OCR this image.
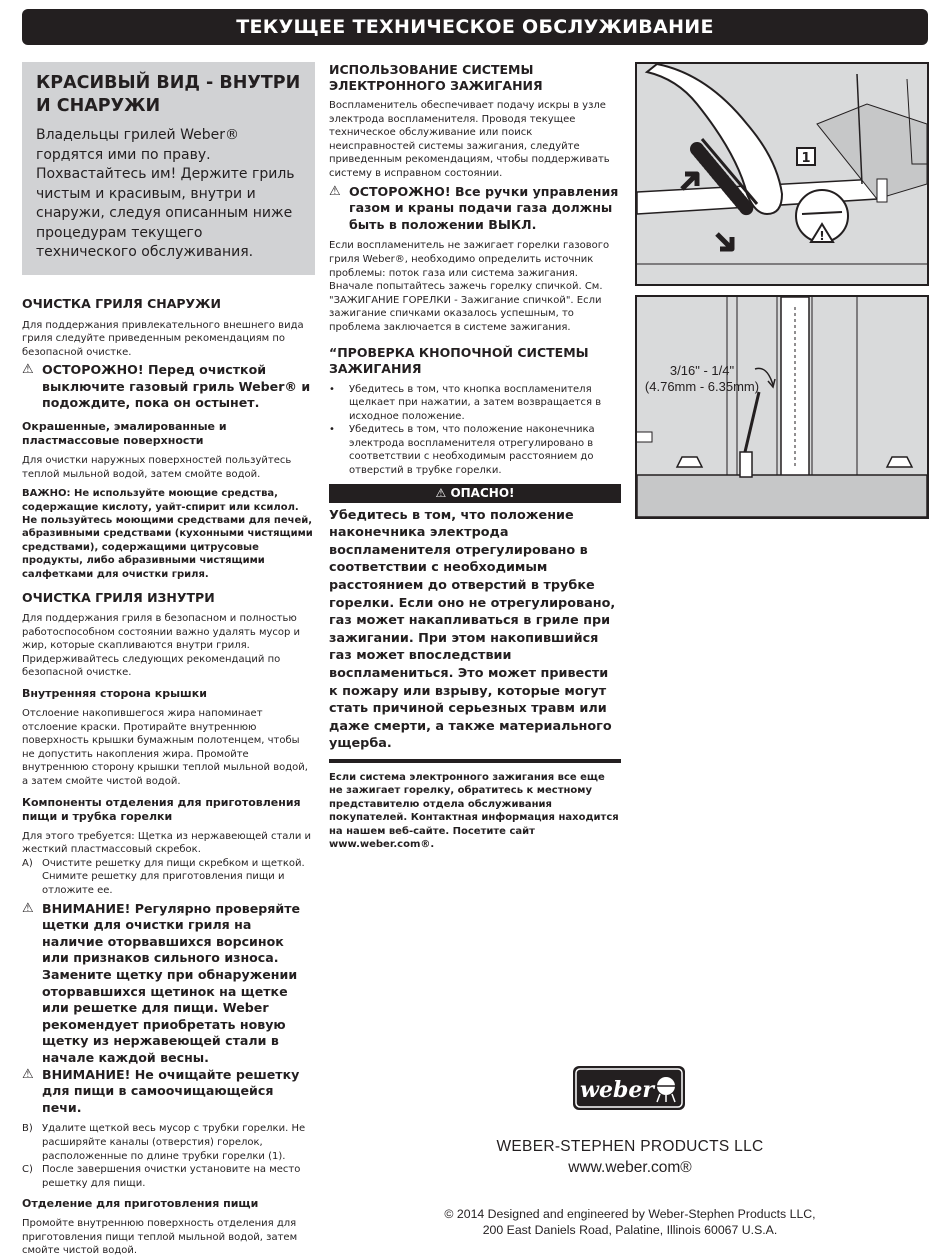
ТЕКУЩЕЕ ТЕХНИЧЕСКОЕ ОБСЛУЖИВАНИЕ
КРАСИВЫЙ ВИД - ВНУТРИ И СНАРУЖИ

Владельцы грилей Weber® гордятся ими по праву. Похвастайтесь им! Держите гриль чистым и красивым, внутри и снаружи, следуя описанным ниже процедурам текущего технического обслуживания.

ОЧИСТКА ГРИЛЯ СНАРУЖИ

Для поддержания привлекательного внешнего вида гриля следуйте приведенным рекомендациям по безопасной очистке.

⚠ ОСТОРОЖНО! Перед очисткой выключите газовый гриль Weber® и подождите, пока он остынет.
Окрашенные, эмалированные и пластмассовые поверхности

Для очистки наружных поверхностей пользуйтесь теплой мыльной водой, затем смойте водой.

ВАЖНО: Не используйте моющие средства, содержащие кислоту, уайт-спирит или ксилол. Не пользуйтесь моющими средствами для печей, абразивными средствами (кухонными чистящими средствами), содержащими цитрусовые продукты, либо абразивными чистящими салфетками для очистки гриля.

ОЧИСТКА ГРИЛЯ ИЗНУТРИ

Для поддержания гриля в безопасном и полностью работоспособном состоянии важно удалять мусор и жир, которые скапливаются внутри гриля. Придерживайтесь следующих рекомендаций по безопасной очистке.

Внутренняя сторона крышки

Отслоение накопившегося жира напоминает отслоение краски. Протирайте внутреннюю поверхность крышки бумажным полотенцем, чтобы не допустить накопления жира. Промойте внутреннюю сторону крышки теплой мыльной водой, а затем смойте чистой водой.

Компоненты отделения для приготовления пищи и трубка горелки

Для этого требуется: Щетка из нержавеющей стали и жесткий пластмассовый скребок.

A) Очистите решетку для пищи скребком и щеткой. Снимите решетку для приготовления пищи и отложите ее.
⚠ ВНИМАНИЕ! Регулярно проверяйте щетки для очистки гриля на наличие оторвавшихся ворсинок или признаков сильного износа. Замените щетку при обнаружении оторвавшихся щетинок на щетке или решетке для пищи. Weber рекомендует приобретать новую щетку из нержавеющей стали в начале каждой весны.
⚠ ВНИМАНИЕ! Не очищайте решетку для пищи в самоочищающейся печи.
B) Удалите щеткой весь мусор с трубки горелки. Не расширяйте каналы (отверстия) горелок, расположенные по длине трубки горелки (1).
C) После завершения очистки установите на место решетку для пищи.
Отделение для приготовления пищи

Промойте внутреннюю поверхность отделения для приготовления пищи теплой мыльной водой, затем смойте чистой водой.

ИСПОЛЬЗОВАНИЕ СИСТЕМЫ ЭЛЕКТРОННОГО ЗАЖИГАНИЯ

Воспламенитель обеспечивает подачу искры в узле электрода воспламенителя. Проводя текущее техническое обслуживание или поиск неисправностей системы зажигания, следуйте приведенным рекомендациям, чтобы поддерживать систему в исправном состоянии.

⚠ ОСТОРОЖНО! Все ручки управления газом и краны подачи газа должны быть в положении ВЫКЛ.

Если воспламенитель не зажигает горелки газового гриля Weber®, необходимо определить источник проблемы: поток газа или система зажигания. Вначале попытайтесь зажечь горелку спичкой. См. "ЗАЖИГАНИЕ ГОРЕЛКИ - Зажигание спичкой". Если зажигание спичками оказалось успешным, то проблема заключается в системе зажигания.

“ПРОВЕРКА КНОПОЧНОЙ СИСТЕМЫ ЗАЖИГАНИЯ
• Убедитесь в том, что кнопка воспламенителя щелкает при нажатии, а затем возвращается в исходное положение.
• Убедитесь в том, что положение наконечника электрода воспламенителя отрегулировано в соответствии с необходимым расстоянием до отверстий в трубке горелки.
⚠ ОПАСНО!

Убедитесь в том, что положение наконечника электрода воспламенителя отрегулировано в соответствии с необходимым расстоянием до отверстий в трубке горелки. Если оно не отрегулировано, газ может накапливаться в гриле при зажигании. При этом накопившийся газ может впоследствии воспламениться. Это может привести к пожару или взрыву, которые могут стать причиной серьезных травм или даже смерти, а также материального ущерба.

Если система электронного зажигания все еще не зажигает горелку, обратитесь к местному представителю отдела обслуживания покупателей. Контактная информация находится на нашем веб-сайте. Посетите сайт www.weber.com®.

!
1
3/16" - 1/4"
(4.76mm - 6.35mm)
weber
WEBER-STEPHEN PRODUCTS LLC
www.weber.com®
© 2014 Designed and engineered by Weber-Stephen Products LLC,
200 East Daniels Road, Palatine, Illinois 60067 U.S.A.
